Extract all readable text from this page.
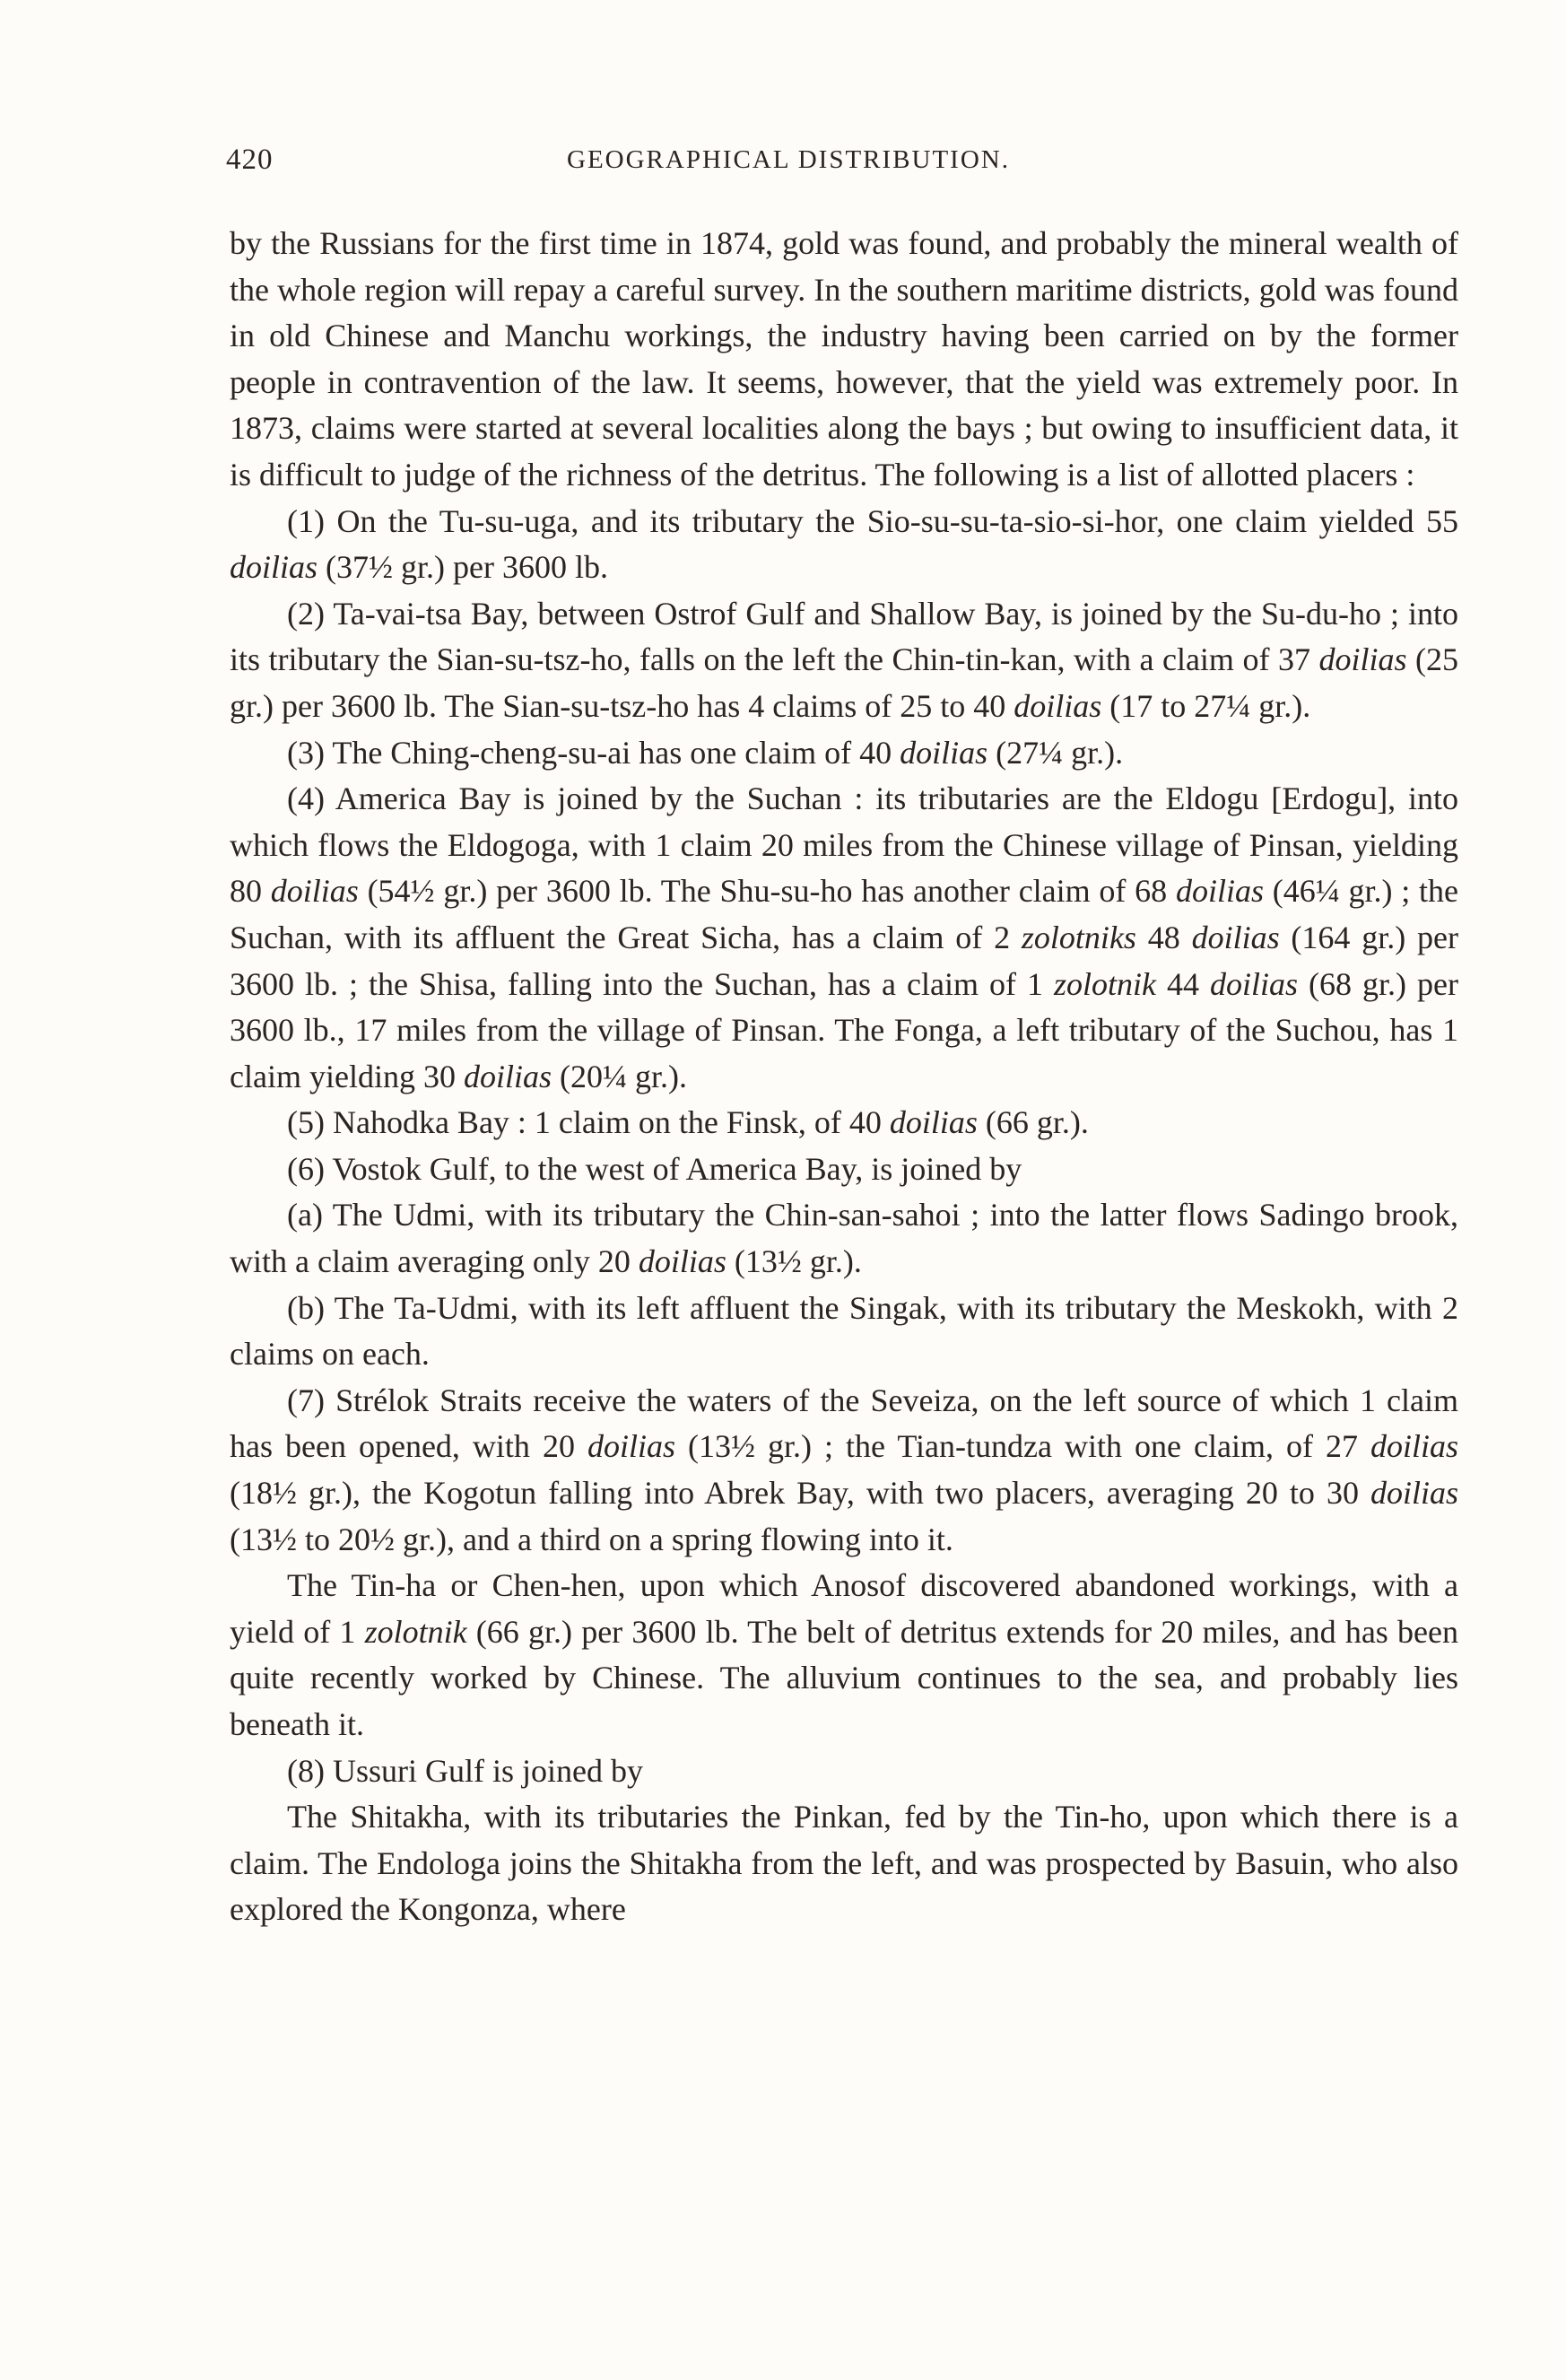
420	GEOGRAPHICAL DISTRIBUTION.

by the Russians for the first time in 1874, gold was found, and probably the mineral wealth of the whole region will repay a careful survey. In the southern maritime districts, gold was found in old Chinese and Manchu workings, the industry having been carried on by the former people in contravention of the law. It seems, however, that the yield was extremely poor. In 1873, claims were started at several localities along the bays ; but owing to insufficient data, it is difficult to judge of the richness of the detritus. The following is a list of allotted placers :

(1) On the Tu-su-uga, and its tributary the Sio-su-su-ta-sio-si-hor, one claim yielded 55 doilias (37½ gr.) per 3600 lb.

(2) Ta-vai-tsa Bay, between Ostrof Gulf and Shallow Bay, is joined by the Su-du-ho ; into its tributary the Sian-su-tsz-ho, falls on the left the Chin-tin-kan, with a claim of 37 doilias (25 gr.) per 3600 lb. The Sian-su-tsz-ho has 4 claims of 25 to 40 doilias (17 to 27¼ gr.).

(3) The Ching-cheng-su-ai has one claim of 40 doilias (27¼ gr.).

(4) America Bay is joined by the Suchan : its tributaries are the Eldogu [Erdogu], into which flows the Eldogoga, with 1 claim 20 miles from the Chinese village of Pinsan, yielding 80 doilias (54½ gr.) per 3600 lb. The Shu-su-ho has another claim of 68 doilias (46¼ gr.) ; the Suchan, with its affluent the Great Sicha, has a claim of 2 zolotniks 48 doilias (164 gr.) per 3600 lb. ; the Shisa, falling into the Suchan, has a claim of 1 zolotnik 44 doilias (68 gr.) per 3600 lb., 17 miles from the village of Pinsan. The Fonga, a left tributary of the Suchou, has 1 claim yielding 30 doilias (20¼ gr.).

(5) Nahodka Bay : 1 claim on the Finsk, of 40 doilias (66 gr.).

(6) Vostok Gulf, to the west of America Bay, is joined by

(a) The Udmi, with its tributary the Chin-san-sahoi ; into the latter flows Sadingo brook, with a claim averaging only 20 doilias (13½ gr.).

(b) The Ta-Udmi, with its left affluent the Singak, with its tributary the Meskokh, with 2 claims on each.

(7) Strélok Straits receive the waters of the Seveiza, on the left source of which 1 claim has been opened, with 20 doilias (13½ gr.) ; the Tian-tundza with one claim, of 27 doilias (18½ gr.), the Kogotun falling into Abrek Bay, with two placers, averaging 20 to 30 doilias (13½ to 20½ gr.), and a third on a spring flowing into it.

The Tin-ha or Chen-hen, upon which Anosof discovered abandoned workings, with a yield of 1 zolotnik (66 gr.) per 3600 lb. The belt of detritus extends for 20 miles, and has been quite recently worked by Chinese. The alluvium continues to the sea, and probably lies beneath it.

(8) Ussuri Gulf is joined by

The Shitakha, with its tributaries the Pinkan, fed by the Tin-ho, upon which there is a claim. The Endologa joins the Shitakha from the left, and was prospected by Basuin, who also explored the Kongonza, where
